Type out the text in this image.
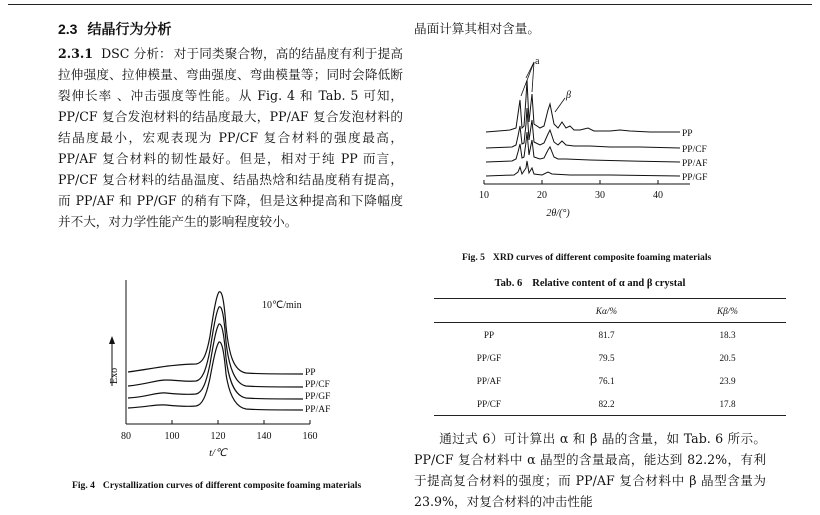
2.3 结晶行为分析

2.3.1 DSC 分析： 对于同类聚合物，高的结晶度有利于提高拉伸强度、拉伸模量、弯曲强度、弯曲模量等；同时会降低断裂伸长率 、冲击强度等性能。从 Fig. 4 和 Tab. 5 可知，PP/CF 复合发泡材料的结晶度最大，PP/AF 复合发泡材料的结晶度最小，宏观表现为 PP/CF 复合材料的强度最高，PP/AF 复合材料的韧性最好。但是，相对于纯 PP 而言，PP/CF 复合材料的结晶温度、结晶热焓和结晶度稍有提高，而 PP/AF 和 PP/GF 的稍有下降，但是这种提高和下降幅度并不大，对力学性能产生的影响程度较小。

Exo
10℃/min
PP
PP/CF
PP/GF
PP/AF
80	100	120	140	160
t/℃
Fig. 4 Crystallization curves of different composite foaming materials

晶面计算其相对含量。

a
β
PP
PP/CF
PP/AF
PP/GF
10	20	30	40
2θ/(°)
Fig. 5 XRD curves of different composite foaming materials
Tab. 6 Relative content of α and β crystal
	Kα/%	Kβ/%
PP	81.7	18.3
PP/GF	79.5	20.5
PP/AF	76.1	23.9
PP/CF	82.2	17.8

通过式 6）可计算出 α 和 β 晶的含量，如 Tab. 6 所示。PP/CF 复合材料中 α 晶型的含量最高，能达到 82.2%，有利于提高复合材料的强度；而 PP/AF 复合材料中 β 晶型含量为23.9%，对复合材料的冲击性能
